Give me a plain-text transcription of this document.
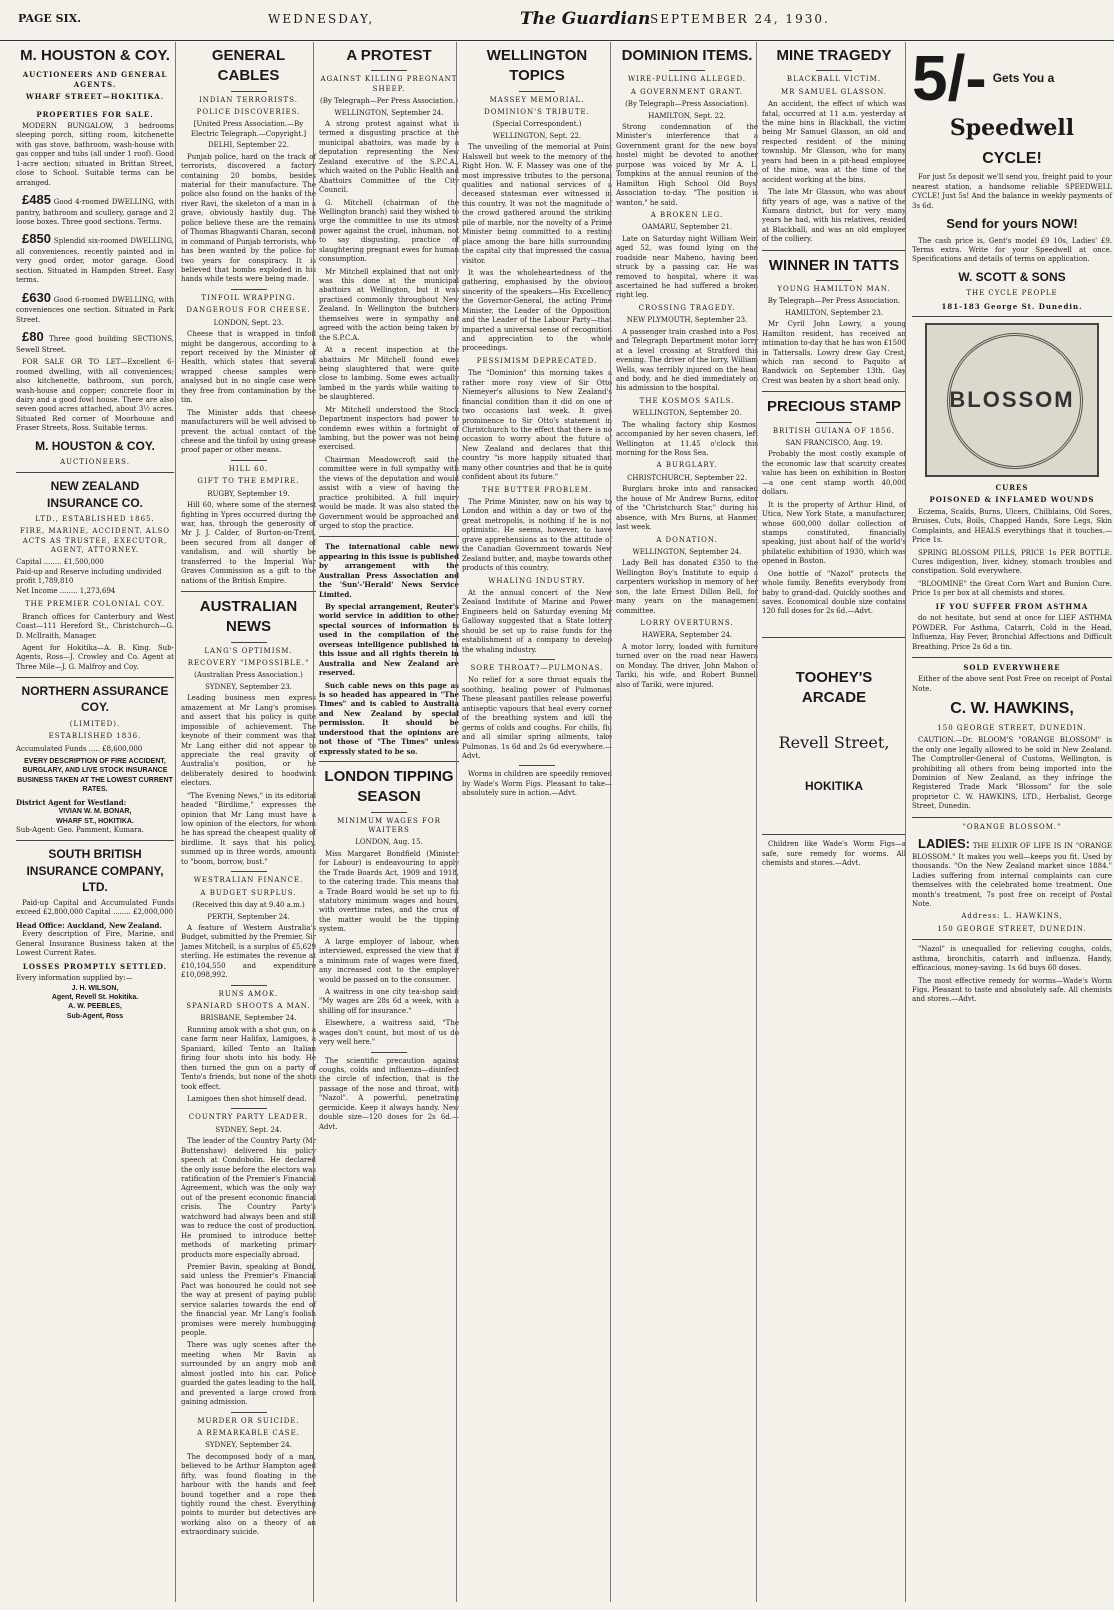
PAGE SIX.	WEDNESDAY,	The Guardian SEPTEMBER 24, 1930.
M. HOUSTON & COY.
AUCTIONEERS AND GENERAL AGENTS.
WHARF STREET—HOKITIKA.
PROPERTIES FOR SALE.

MODERN BUNGALOW, 3 bedrooms sleeping porch, sitting room, kitchenette with gas stove, bathroom, wash-house with gas copper and tubs (all under 1 roof). Good 1-acre section; situated in Brittan Street, close to School. Suitable terms can be arranged.

£485 Good 4-roomed DWELLING, with pantry, bathroom and scullery, garage and 2 loose boxes. Three good sections. Terms.

£850 Splendid six-roomed DWELLING, all conveniences, recently painted and in very good order, motor garage. Good section. Situated in Hampden Street. Easy terms.

£630 Good 6-roomed DWELLING, with conveniences one section. Situated in Park Street.

£80 Three good building SECTIONS, Sewell Street.

FOR SALE OR TO LET—Excellent 6-roomed dwelling, with all conveniences; also kitchenette, bathroom, sun porch, wash-house and copper; concrete floor in dairy and a good fowl house. There are also seven good acres attached, about 3½ acres. Situated Red corner of Moorhouse and Fraser Streets, Ross. Suitable terms.

M. HOUSTON & COY.
AUCTIONEERS.
NEW ZEALAND INSURANCE CO.
LTD., ESTABLISHED 1865.
FIRE, MARINE, ACCIDENT. ALSO ACTS AS TRUSTEE, EXECUTOR, AGENT, ATTORNEY.
Capital ........ £1,500,000
Paid-up and Reserve including undivided profit 1,789,810
Net Income ........ 1,273,694
THE PREMIER COLONIAL COY.

Branch offices for Canterbury and West Coast—111 Hereford St., Christchurch—G. D. McIlraith, Manager.

Agent for Hokitika—A. B. King. Sub-Agents, Ross—J. Crowley and Co. Agent at Three Mile—J. G. Malfroy and Coy.

NORTHERN ASSURANCE COY.
(LIMITED).
ESTABLISHED 1836.
Accumulated Funds ..... £8,600,000
EVERY DESCRIPTION OF FIRE ACCIDENT, BURGLARY, AND LIVE STOCK INSURANCE BUSINESS TAKEN AT THE LOWEST CURRENT RATES.
District Agent for Westland:
VIVIAN W. M. BONAR,
WHARF ST., HOKITIKA.
Sub-Agent: Geo. Pamment, Kumara.
SOUTH BRITISH INSURANCE COMPANY, LTD.

Paid-up Capital and Accumulated Funds exceed £2,800,000 Capital ........ £2,000,000

Head Office: Auckland, New Zealand.

Every description of Fire, Marine, and General Insurance Business taken at the Lowest Current Rates.

LOSSES PROMPTLY SETTLED.
Every information supplied by:—
J. H. WILSON,
Agent, Revell St. Hokitika.
A. W. PEEBLES,
Sub-Agent, Ross
GENERAL CABLES
INDIAN TERRORISTS.
POLICE DISCOVERIES.
[United Press Association.—By Electric Telegraph.—Copyright.]
DELHI, September 22.

Punjab police, hard on the track of terrorists, discovered a factory containing 20 bombs, besides material for their manufacture. The police also found on the banks of the river Ravi, the skeleton of a man in a grave, obviously hastily dug. The police believe these are the remains of Thomas Bhagwanti Charan, second in command of Punjab terrorists, who has been wanted by the police for two years for conspiracy. It is believed that bombs exploded in his hands while tests were being made.

TINFOIL WRAPPING.
DANGEROUS FOR CHEESE.
LONDON, Sept. 23.

Cheese that is wrapped in tinfoil might be dangerous, according to a report received by the Minister of Health, which states that several wrapped cheese samples were analysed but in no single case were they free from contamination by the tin.

The Minister adds that cheese manufacturers will be well advised to prevent the actual contact of the cheese and the tinfoil by using grease proof paper or other means.

HILL 60.
GIFT TO THE EMPIRE.
RUGBY, September 19.

Hill 60, where some of the sternest fighting in Ypres occurred during the war, has, through the generosity of Mr J. J. Calder, of Burton-on-Trent, been secured from all danger of vandalism, and will shortly be transferred to the Imperial War Graves Commission as a gift to the nations of the British Empire.

AUSTRALIAN NEWS
LANG'S OPTIMISM.
RECOVERY "IMPOSSIBLE."
(Australian Press Association.)
SYDNEY, September 23.

Leading business men express amazement at Mr Lang's promises and assert that his policy is quite impossible of achievement. The keynote of their comment was that Mr Lang either did not appear to appreciate the real gravity of Australia's position, or he deliberately desired to hoodwink electors.

"The Evening News," in its editorial headed "Birdlime," expresses the opinion that Mr Lang must have a low opinion of the electors, for whom he has spread the cheapest quality of birdlime. It says that his policy, summed up in three words, amounts to "boom, borrow, bust."

WESTRALIAN FINANCE.
A BUDGET SURPLUS.
(Received this day at 9.40 a.m.)
PERTH, September 24.

A feature of Western Australia's Budget, submitted by the Premier, Sir James Mitchell, is a surplus of £5,629 sterling. He estimates the revenue at £10,104,550 and expenditure £10,098,992.

RUNS AMOK.
SPANIARD SHOOTS A MAN.
BRISBANE, September 24.

Running amok with a shot gun, on a cane farm near Halifax, Lamigoes, a Spaniard, killed Tento an Italian firing four shots into his body. He then turned the gun on a party of Tento's friends, but none of the shots took effect.

Lamigoes then shot himself dead.

COUNTRY PARTY LEADER.
SYDNEY, Sept. 24.

The leader of the Country Party (Mr Buttenshaw) delivered his policy speech at Condobolin. He declared the only issue before the electors was ratification of the Premier's Financial Agreement, which was the only way out of the present economic financial crisis. The Country Party's watchword had always been and still was to reduce the cost of production. He promised to introduce better methods of marketing primary products more especially abroad.

Premier Bavin, speaking at Bondi, said unless the Premier's Financial Pact was honoured he could not see the way at present of paying public service salaries towards the end of the financial year. Mr Lang's foolish promises were merely humbugging people.

There was ugly scenes after the meeting when Mr Bavin as surrounded by an angry mob and almost jostled into his car. Police guarded the gates leading to the hall, and prevented a large crowd from gaining admission.

MURDER OR SUICIDE.
A REMARKABLE CASE.
SYDNEY, September 24.

The decomposed body of a man, believed to be Arthur Hampton aged fifty, was found floating in the harbour with the hands and feet bound together and a rope then tightly round the chest. Everything points to murder but detectives are working also on a theory of an extraordinary suicide.

A PROTEST
AGAINST KILLING PREGNANT SHEEP.
(By Telegraph—Per Press Association.)
WELLINGTON, September 24.

A strong protest against what is termed a disgusting practice at the municipal abattoirs, was made by a deputation representing the New Zealand executive of the S.P.C.A., which waited on the Public Health and Abattoirs Committee of the City Council.

G. Mitchell (chairman of the Wellington branch) said they wished to urge the committee to use its utmost power against the cruel, inhuman, not to say disgusting, practice of slaughtering pregnant ewes for human consumption.

Mr Mitchell explained that not only was this done at the municipal abattoirs at Wellington, but it was practised commonly throughout New Zealand. In Wellington the butchers themselves were in sympathy and agreed with the action being taken by the S.P.C.A.

At a recent inspection at the abattoirs Mr Mitchell found ewes being slaughtered that were quite close to lambing. Some ewes actually lambed in the yards while waiting to be slaughtered.

Mr Mitchell understood the Stock Department inspectors had power to condemn ewes within a fortnight of lambing, but the power was not being exercised.

Chairman Meadowcroft said the committee were in full sympathy with the views of the deputation and would assist with a view of having the practice prohibited. A full inquiry would be made. It was also stated the Government would be approached and urged to stop the practice.

The international cable news appearing in this issue is published by arrangement with the Australian Press Association and the 'Sun'-'Herald' News Service Limited.

By special arrangement, Reuter's world service in addition to other special sources of information is used in the compilation of the overseas intelligence published in this issue and all rights therein in Australia and New Zealand are reserved.

Such cable news on this page as is so headed has appeared in "The Times" and is cabled to Australia and New Zealand by special permission. It should be understood that the opinions are not those of "The Times" unless expressly stated to be so.

LONDON TIPPING SEASON
MINIMUM WAGES FOR WAITERS
LONDON, Aug. 15.

Miss Margaret Bondfield (Minister for Labour) is endeavouring to apply the Trade Boards Act, 1909 and 1918, to the catering trade. This means that a Trade Board would be set up to fix statutory minimum wages and hours, with overtime rates, and the crux of the matter would be the tipping system.

A large employer of labour, when interviewed, expressed the view that if a minimum rate of wages were fixed, any increased cost to the employer would be passed on to the consumer.

A waitress in one city tea-shop said: "My wages are 28s 6d a week, with a shilling off for insurance."

Elsewhere, a waitress said, "The wages don't count, but most of us do very well here."

The scientific precaution against coughs, colds and influenza—disinfect the circle of infection, that is the passage of the nose and throat, with "Nazol". A powerful, penetrating germicide. Keep it always handy. New double size—120 doses for 2s 6d.—Advt.

WELLINGTON TOPICS
MASSEY MEMORIAL.
DOMINION'S TRIBUTE.
(Special Correspondent.)
WELLINGTON, Sept. 22.

The unveiling of the memorial at Point Halswell but week to the memory of the Right Hon. W. F. Massey was one of the most impressive tributes to the personal qualities and national services of a deceased statesman ever witnessed in this country. It was not the magnitude of the crowd gathered around the striking pile of marble, nor the novelty of a Prime Minister being committed to a resting place among the bare hills surrounding the capital city that impressed the casual visitor.

It was the wholeheartedness of the gathering, emphasised by the obvious sincerity of the speakers—His Excellency the Governor-General, the acting Prime Minister, the Leader of the Opposition, and the Leader of the Labour Party—that imparted a universal sense of recognition and appreciation to the whole proceedings.

PESSIMISM DEPRECATED.

The "Dominion" this morning takes a rather more rosy view of Sir Otto Niemeyer's allusions to New Zealand's financial condition than it did on one or two occasions last week. It gives prominence to Sir Otto's statement in Christchurch to the effect that there is no occasion to worry about the future of New Zealand and declares that this country "is more happily situated than many other countries and that he is quite confident about its future."

THE BUTTER PROBLEM.

The Prime Minister, now on his way to London and within a day or two of the great metropolis, is nothing if he is not optimistic. He seems, however, to have grave apprehensions as to the attitude of the Canadian Government towards New Zealand butter, and, maybe towards other products of this country.

WHALING INDUSTRY.

At the annual concert of the New Zealand Institute of Marine and Power Engineers held on Saturday evening Mr Galloway suggested that a State lottery should be set up to raise funds for the establishment of a company to develop the whaling industry.

SORE THROAT?—PULMONAS.

No relief for a sore throat equals the soothing, healing power of Pulmonas. These pleasant pastilles release powerful antiseptic vapours that heal every corner of the breathing system and kill the germs of colds and coughs. For chills, flu and all similar spring ailments, take Pulmonas. 1s 6d and 2s 6d everywhere.—Advt.

Worms in children are speedily removed by Wade's Worm Figs. Pleasant to take—absolutely sure in action.—Advt.

DOMINION ITEMS.
WIRE-PULLING ALLEGED.
A GOVERNMENT GRANT.
(By Telegraph—Press Association).
HAMILTON, Sept. 22.

Strong condemnation of the Minister's interference that a Government grant for the new boys' hostel might be devoted to another purpose was voiced by Mr A. L. Tompkins at the annual reunion of the Hamilton High School Old Boys' Association to-day. "The position is wanton," he said.

A BROKEN LEG.
OAMARU, September 21.

Late on Saturday night William Weir, aged 52, was found lying on the roadside near Maheno, having been struck by a passing car. He was removed to hospital, where it was ascertained he had suffered a broken right leg.

CROSSING TRAGEDY.
NEW PLYMOUTH, September 23.

A passenger train crashed into a Post and Telegraph Department motor lorry at a level crossing at Stratford this evening. The driver of the lorry, William Wells, was terribly injured on the head and body, and he died immediately on his admission to the hospital.

THE KOSMOS SAILS.
WELLINGTON, September 20.

The whaling factory ship Kosmos, accompanied by her seven chasers, left Wellington at 11.45 o'clock this morning for the Ross Sea.

A BURGLARY.
CHRISTCHURCH, September 22.

Burglars broke into and ransacked the house of Mr Andrew Burns, editor of the "Christchurch Star," during his absence, with Mrs Burns, at Hanmer, last week.

A DONATION.
WELLINGTON, September 24.

Lady Bell has donated £350 to the Wellington Boy's Institute to equip a carpenters workshop in memory of her son, the late Ernest Dillon Bell, for many years on the management committee.

LORRY OVERTURNS.
HAWERA, September 24.

A motor lorry, loaded with furniture turned over on the road near Hawera on Monday. The driver, John Mahon of Tariki, his wife, and Robert Bunnell also of Tariki, were injured.

MINE TRAGEDY
BLACKBALL VICTIM.
MR SAMUEL GLASSON.

An accident, the effect of which was fatal, occurred at 11 a.m. yesterday at the mine bins in Blackball, the victim being Mr Samuel Glasson, an old and respected resident of the mining township. Mr Glasson, who for many years had been in a pit-head employee of the mine, was at the time of the accident working at the bins.

The late Mr Glasson, who was about fifty years of age, was a native of the Kumara district, but for very many years he had, with his relatives, resided at Blackball, and was an old employee of the colliery.

WINNER IN TATTS
YOUNG HAMILTON MAN.
By Telegraph—Per Press Association.
HAMILTON, September 23.

Mr Cyril John Lowry, a young Hamilton resident, has received an intimation to-day that he has won £1500 in Tattersalls. Lowry drew Gay Crest, which ran second to Paquito at Randwick on September 13th. Gay Crest was beaten by a short head only.

PRECIOUS STAMP
BRITISH GUIANA OF 1856.
SAN FRANCISCO, Aug. 19.

Probably the most costly example of the economic law that scarcity creates value has been on exhibition in Boston—a one cent stamp worth 40,000 dollars.

It is the property of Arthur Hind, of Utica, New York State, a manufacturer, whose 600,000 dollar collection of stamps constituted, financially speaking, just about half of the world's philatelic exhibition of 1930, which was opened in Boston.

One bottle of "Nazol" protects the whole family. Benefits everybody from baby to grand-dad. Quickly soothes and saves. Economical double size contains 120 full doses for 2s 6d.—Advt.

TOOHEY'S ARCADE
Revell Street,
HOKITIKA

Children like Wade's Worm Figs—a safe, sure remedy for worms. All chemists and stores.—Advt.

5/- Gets You a
Speedwell
CYCLE!

For just 5s deposit we'll send you, freight paid to your nearest station, a handsome reliable SPEEDWELL CYCLE! Just 5s! And the balance in weekly payments of 3s 6d.

Send for yours NOW!

The cash price is, Gent's model £9 10s, Ladies' £9. Terms extra. Write for your Speedwell at once. Specifications and details of terms on application.

W. SCOTT & SONS
THE CYCLE PEOPLE
181-183 George St. Dunedin.
BLOSSOM
CURES
POISONED & INFLAMED WOUNDS

Eczema, Scalds, Burns, Ulcers, Chilblains, Old Sores, Bruises, Cuts, Boils, Chapped Hands, Sore Legs, Skin Complaints, and HEALS everythings that it touches.—Price 1s.

SPRING BLOSSOM PILLS, PRICE 1s PER BOTTLE. Cures indigestion, liver, kidney, stomach troubles and constipation. Sold everywhere.

"BLOOMINE" the Great Corn Wart and Bunion Cure. Price 1s per box at all chemists and stores.

IF YOU SUFFER FROM ASTHMA

do not hesitate, but send at once for LIEF ASTHMA POWDER. For Asthma, Catarrh, Cold in the Head, Influenza, Hay Fever, Bronchial Affections and Difficult Breathing. Price 2s 6d a tin.

SOLD EVERYWHERE

Either of the above sent Post Free on receipt of Postal Note.

C. W. HAWKINS,
150 GEORGE STREET, DUNEDIN.

CAUTION.—Dr. BLOOM'S "ORANGE BLOSSOM" is the only one legally allowed to be sold in New Zealand. The Comptroller-General of Customs, Wellington, is prohibiting all others from being imported into the Dominion of New Zealand, as they infringe the Registered Trade Mark "Blossom" for the sole proprietor C. W. HAWKINS, LTD., Herbalist, George Street, Dunedin.

"ORANGE BLOSSOM."

LADIES: THE ELIXIR OF LIFE IS IN "ORANGE BLOSSOM." It makes you well—keeps you fit. Used by thousands. "On the New Zealand market since 1884." Ladies suffering from internal complaints can cure themselves with the celebrated home treatment. One month's treatment, 7s post free on receipt of Postal Note.

Address: L. HAWKINS,
150 GEORGE STREET, DUNEDIN.

"Nazol" is unequalled for relieving coughs, colds, asthma, bronchitis, catarrh and influenza. Handy, efficacious, money-saving. 1s 6d buys 60 doses.

The most effective remedy for worms—Wade's Worm Figs. Pleasant to taste and absolutely safe. All chemists and stores.—Advt.
